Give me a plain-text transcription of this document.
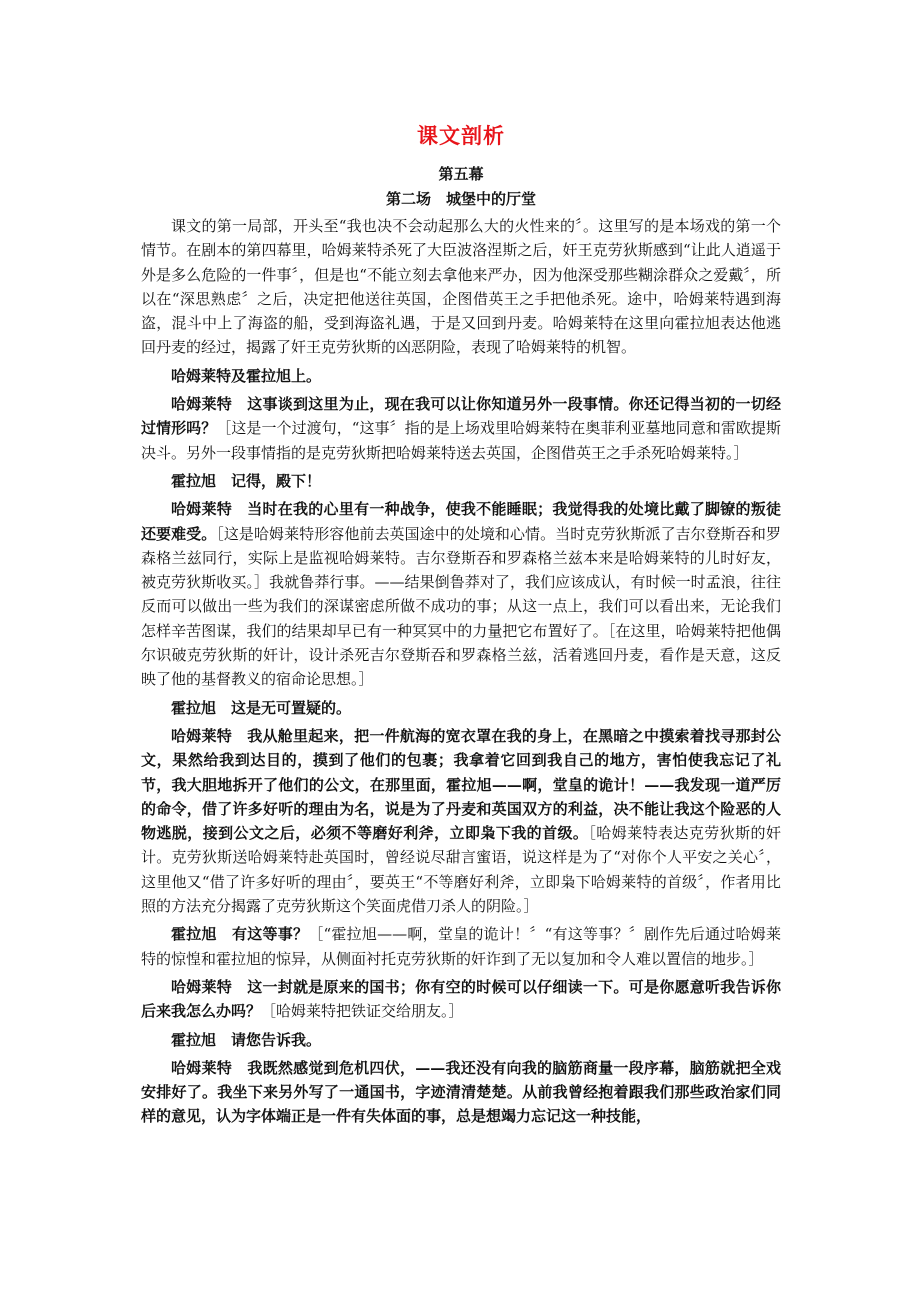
课文剖析
第五幕
第二场　城堡中的厅堂

课文的第一局部，开头至“我也决不会动起那么大的火性来的〞。这里写的是本场戏的第一个情节。在剧本的第四幕里，哈姆莱特杀死了大臣波洛涅斯之后，奸王克劳狄斯感到“让此人逍遥于外是多么危险的一件事〞，但是也“不能立刻去拿他来严办，因为他深受那些糊涂群众之爱戴〞，所以在“深思熟虑〞之后，决定把他送往英国，企图借英王之手把他杀死。途中，哈姆莱特遇到海盗，混斗中上了海盗的船，受到海盗礼遇，于是又回到丹麦。哈姆莱特在这里向霍拉旭表达他逃回丹麦的经过，揭露了奸王克劳狄斯的凶恶阴险，表现了哈姆莱特的机智。

哈姆莱特及霍拉旭上。

哈姆莱特　这事谈到这里为止，现在我可以让你知道另外一段事情。你还记得当初的一切经过情形吗？［这是一个过渡句，“这事〞指的是上场戏里哈姆莱特在奥菲利亚墓地同意和雷欧提斯决斗。另外一段事情指的是克劳狄斯把哈姆莱特送去英国，企图借英王之手杀死哈姆莱特。］

霍拉旭　记得，殿下！

哈姆莱特　当时在我的心里有一种战争，使我不能睡眠；我觉得我的处境比戴了脚镣的叛徒还要难受。［这是哈姆莱特形容他前去英国途中的处境和心情。当时克劳狄斯派了吉尔登斯吞和罗森格兰兹同行，实际上是监视哈姆莱特。吉尔登斯吞和罗森格兰兹本来是哈姆莱特的儿时好友，被克劳狄斯收买。］我就鲁莽行事。——结果倒鲁莽对了，我们应该成认，有时候一时孟浪，往往反而可以做出一些为我们的深谋密虑所做不成功的事；从这一点上，我们可以看出来，无论我们怎样辛苦图谋，我们的结果却早已有一种冥冥中的力量把它布置好了。［在这里，哈姆莱特把他偶尔识破克劳狄斯的奸计，设计杀死吉尔登斯吞和罗森格兰兹，活着逃回丹麦，看作是天意，这反映了他的基督教义的宿命论思想。］

霍拉旭　这是无可置疑的。

哈姆莱特　我从舱里起来，把一件航海的宽衣罩在我的身上，在黑暗之中摸索着找寻那封公文，果然给我到达目的，摸到了他们的包裹；我拿着它回到我自己的地方，害怕使我忘记了礼节，我大胆地拆开了他们的公文，在那里面，霍拉旭——啊，堂皇的诡计！——我发现一道严厉的命令，借了许多好听的理由为名，说是为了丹麦和英国双方的利益，决不能让我这个险恶的人物逃脱，接到公文之后，必须不等磨好利斧，立即枭下我的首级。［哈姆莱特表达克劳狄斯的奸计。克劳狄斯送哈姆莱特赴英国时，曾经说尽甜言蜜语，说这样是为了“对你个人平安之关心〞，这里他又“借了许多好听的理由〞，要英王“不等磨好利斧，立即枭下哈姆莱特的首级〞，作者用比照的方法充分揭露了克劳狄斯这个笑面虎借刀杀人的阴险。］

霍拉旭　有这等事？［“霍拉旭——啊，堂皇的诡计！〞“有这等事？〞剧作先后通过哈姆莱特的惊惶和霍拉旭的惊异，从侧面衬托克劳狄斯的奸诈到了无以复加和令人难以置信的地步。］

哈姆莱特　这一封就是原来的国书；你有空的时候可以仔细读一下。可是你愿意听我告诉你后来我怎么办吗？［哈姆莱特把铁证交给朋友。］

霍拉旭　请您告诉我。

哈姆莱特　我既然感觉到危机四伏，——我还没有向我的脑筋商量一段序幕，脑筋就把全戏安排好了。我坐下来另外写了一通国书，字迹清清楚楚。从前我曾经抱着跟我们那些政治家们同样的意见，认为字体端正是一件有失体面的事，总是想竭力忘记这一种技能，
